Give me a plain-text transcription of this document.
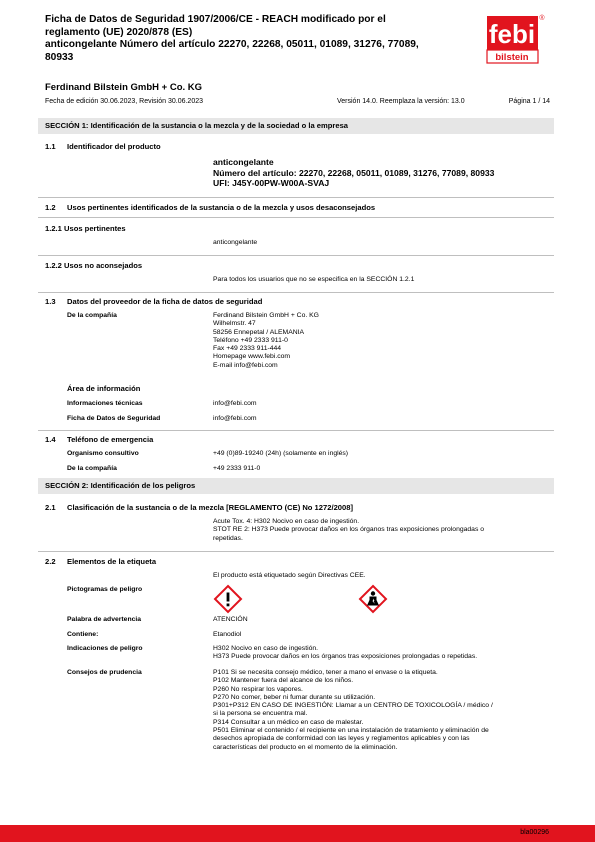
Ficha de Datos de Seguridad 1907/2006/CE - REACH modificado por el
reglamento (UE) 2020/878 (ES)
anticongelante Número del artículo 22270, 22268, 05011, 01089, 31276, 77089,
80933
febi
bilstein
®
Ferdinand Bilstein GmbH + Co. KG
Fecha de edición 30.06.2023, Revisión 30.06.2023	Versión 14.0. Reemplaza la versión: 13.0	Página 1 / 14
SECCIÓN 1: Identificación de la sustancia o la mezcla y de la sociedad o la empresa
1.1 Identificador del producto
anticongelante
Número del artículo: 22270, 22268, 05011, 01089, 31276, 77089, 80933
UFI: J45Y-00PW-W00A-SVAJ
1.2 Usos pertinentes identificados de la sustancia o de la mezcla y usos desaconsejados
1.2.1 Usos pertinentes
anticongelante
1.2.2 Usos no aconsejados
Para todos los usuarios que no se especifica en la SECCIÓN 1.2.1
1.3 Datos del proveedor de la ficha de datos de seguridad
De la compañía	Ferdinand Bilstein GmbH + Co. KG
Wilhelmstr. 47
58256 Ennepetal / ALEMANIA
Teléfono +49 2333 911-0
Fax +49 2333 911-444
Homepage www.febi.com
E-mail info@febi.com
Área de información
Informaciones técnicas	info@febi.com
Ficha de Datos de Seguridad	info@febi.com
1.4 Teléfono de emergencia
Organismo consultivo	+49 (0)89-19240 (24h) (solamente en inglés)
De la compañía	+49 2333 911-0
SECCIÓN 2: Identificación de los peligros
2.1 Clasificación de la sustancia o de la mezcla [REGLAMENTO (CE) No 1272/2008]
Acute Tox. 4: H302 Nocivo en caso de ingestión.
STOT RE 2: H373 Puede provocar daños en los órganos tras exposiciones prolongadas o
repetidas.
2.2 Elementos de la etiqueta
El producto está etiquetado según Directivas CEE.
Pictogramas de peligro
Palabra de advertencia	ATENCIÓN
Contiene:	Etanodiol
Indicaciones de peligro	H302 Nocivo en caso de ingestión.
H373 Puede provocar daños en los órganos tras exposiciones prolongadas o repetidas.
Consejos de prudencia	P101 Si se necesita consejo médico, tener a mano el envase o la etiqueta.
P102 Mantener fuera del alcance de los niños.
P260 No respirar los vapores.
P270 No comer, beber ni fumar durante su utilización.
P301+P312 EN CASO DE INGESTIÓN: Llamar a un CENTRO DE TOXICOLOGÍA / médico /
si la persona se encuentra mal.
P314 Consultar a un médico en caso de malestar.
P501 Eliminar el contenido / el recipiente en una instalación de tratamiento y eliminación de
desechos apropiada de conformidad con las leyes y reglamentos aplicables y con las
características del producto en el momento de la eliminación.
bla00296
